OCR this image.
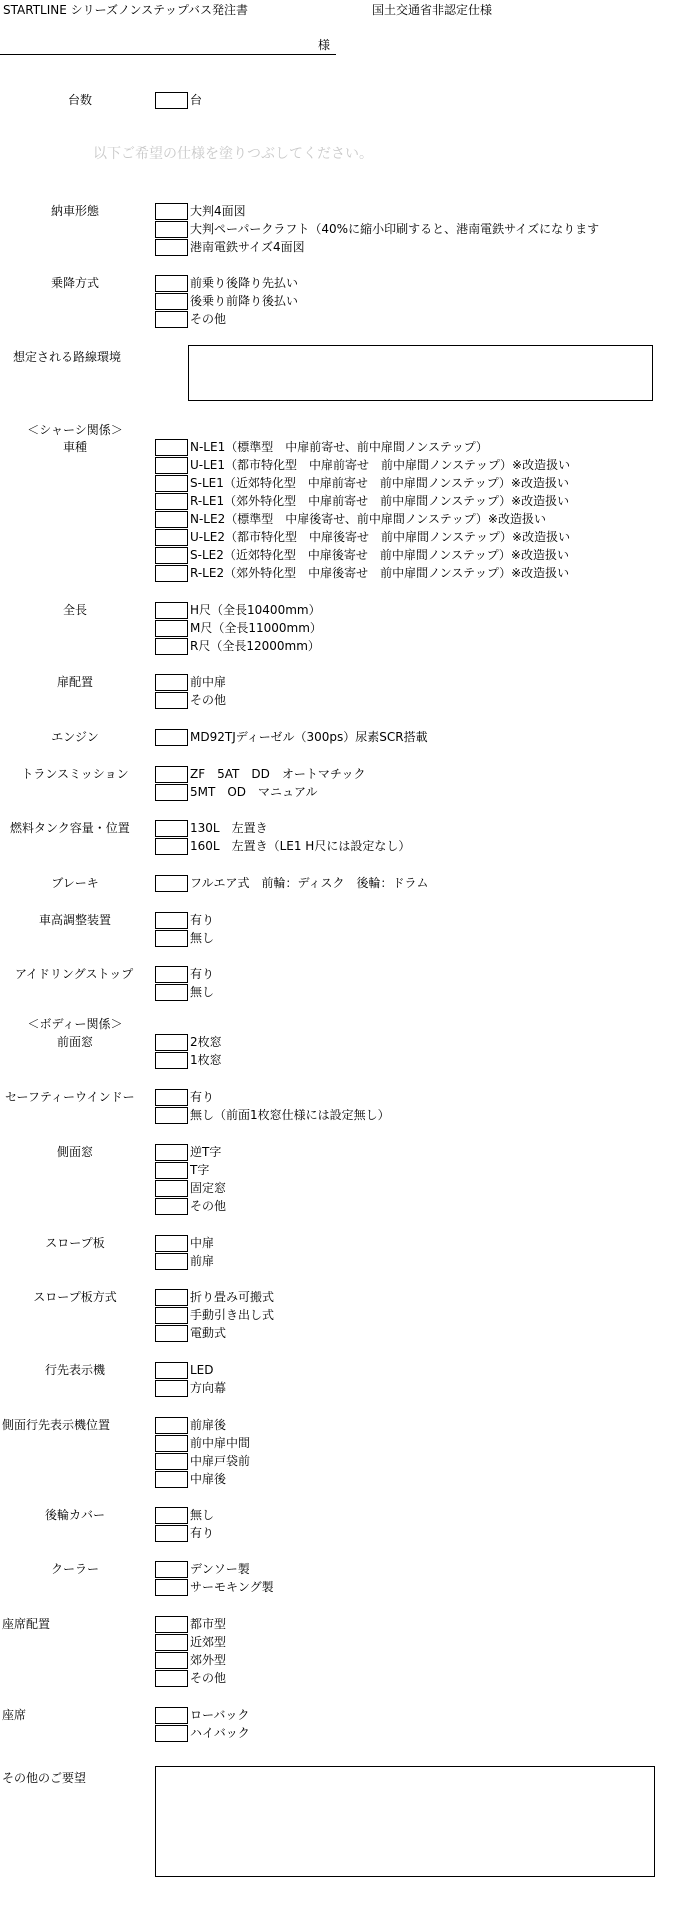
STARTLINE シリーズノンステップバス発注書	国土交通省非認定仕様
様
台数	台
以下ご希望の仕様を塗りつぶしてください。
納車形態	大判4面図
大判ペーパークラフト（40%に縮小印刷すると、港南電鉄サイズになります
港南電鉄サイズ4面図
乗降方式	前乗り後降り先払い
後乗り前降り後払い
その他
想定される路線環境
＜シャーシ関係＞
車種	N-LE1（標準型　中扉前寄せ、前中扉間ノンステップ）
U-LE1（都市特化型　中扉前寄せ　前中扉間ノンステップ）※改造扱い
S-LE1（近郊特化型　中扉前寄せ　前中扉間ノンステップ）※改造扱い
R-LE1（郊外特化型　中扉前寄せ　前中扉間ノンステップ）※改造扱い
N-LE2（標準型　中扉後寄せ、前中扉間ノンステップ）※改造扱い
U-LE2（都市特化型　中扉後寄せ　前中扉間ノンステップ）※改造扱い
S-LE2（近郊特化型　中扉後寄せ　前中扉間ノンステップ）※改造扱い
R-LE2（郊外特化型　中扉後寄せ　前中扉間ノンステップ）※改造扱い
全長	H尺（全長10400mm）
M尺（全長11000mm）
R尺（全長12000mm）
扉配置	前中扉
その他
エンジン	MD92TJディーゼル（300ps）尿素SCR搭載
トランスミッション	ZF　5AT　DD　オートマチック
5MT　OD　マニュアル
燃料タンク容量・位置	130L　左置き
160L　左置き（LE1 H尺には設定なし）
ブレーキ	フルエア式　前輪：ディスク　後輪：ドラム
車高調整装置	有り
無し
アイドリングストップ	有り
無し
＜ボディー関係＞
前面窓	2枚窓
1枚窓
セーフティーウインドー	有り
無し（前面1枚窓仕様には設定無し）
側面窓	逆T字
T字
固定窓
その他
スロープ板	中扉
前扉
スロープ板方式	折り畳み可搬式
手動引き出し式
電動式
行先表示機	LED
方向幕
側面行先表示機位置	前扉後
前中扉中間
中扉戸袋前
中扉後
後輪カバー	無し
有り
クーラー	デンソー製
サーモキング製
座席配置	都市型
近郊型
郊外型
その他
座席	ローバック
ハイバック
その他のご要望
